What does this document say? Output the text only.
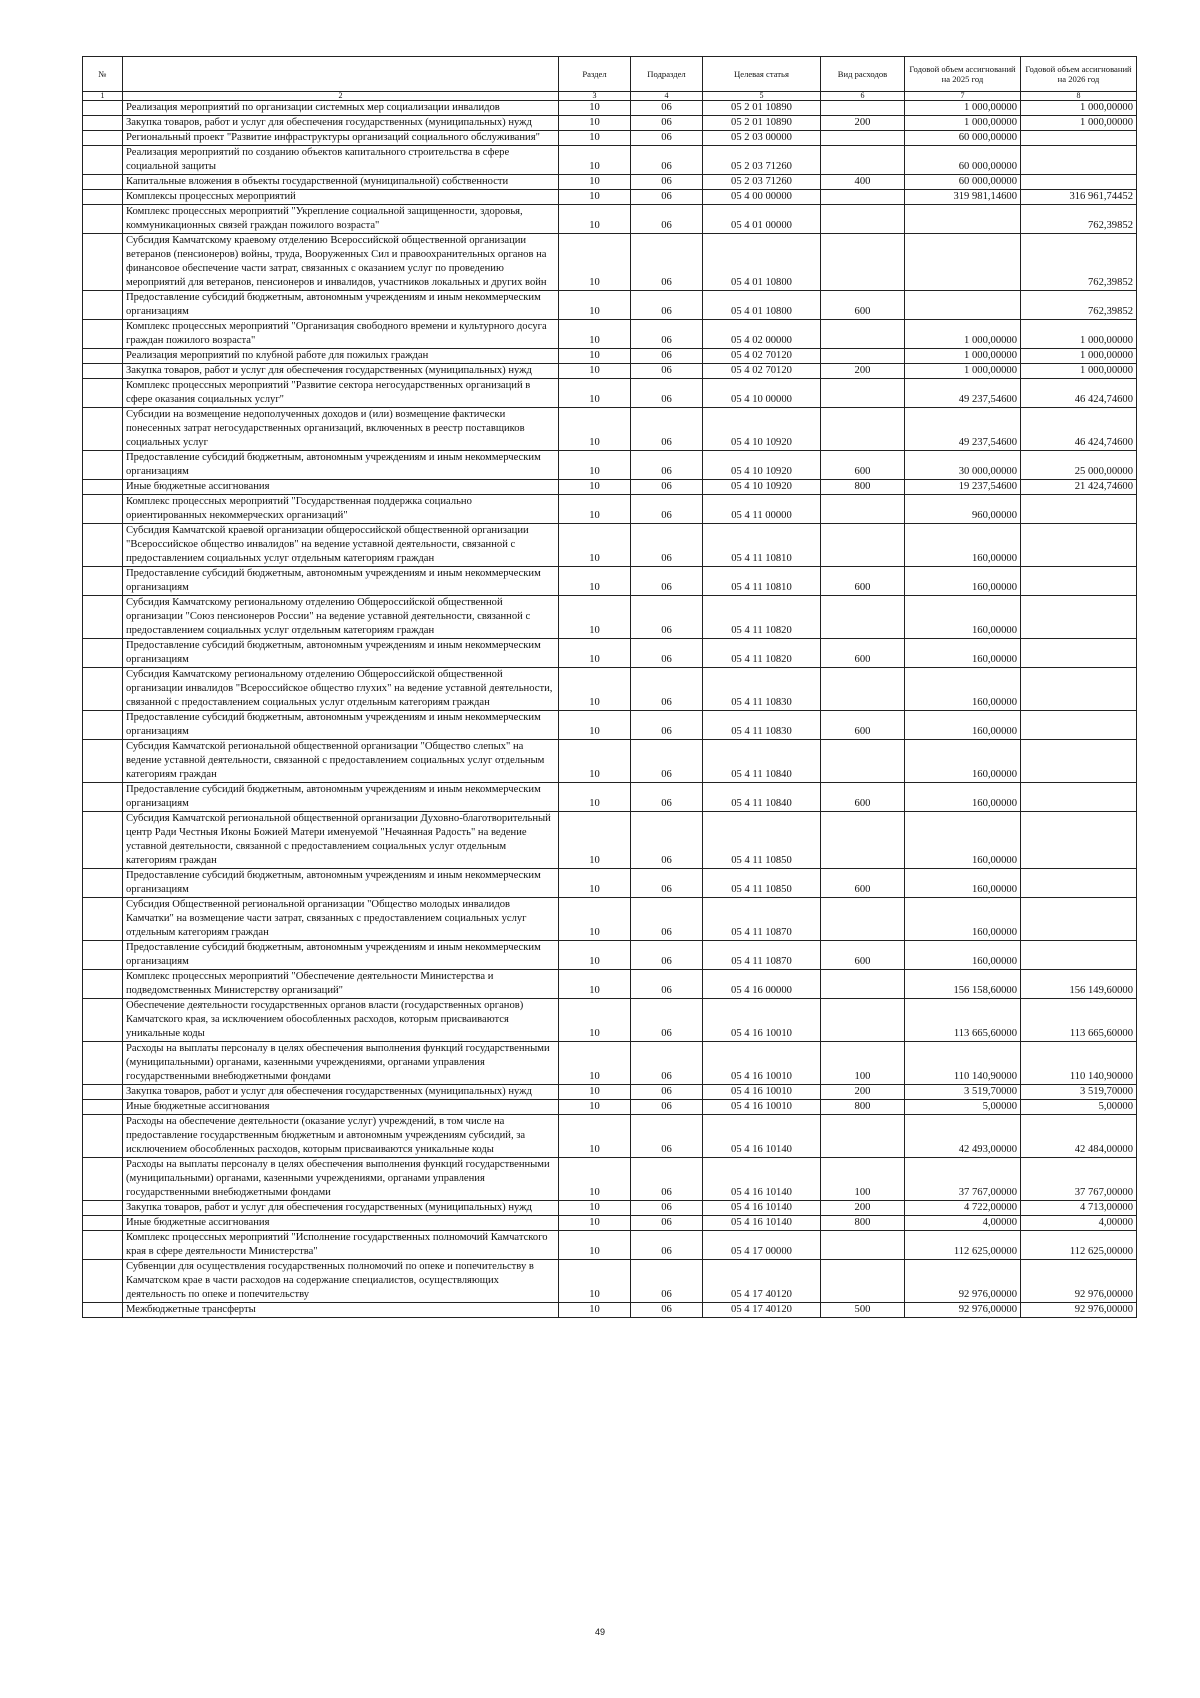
№		Раздел	Подраздел	Целевая статья	Вид расходов	Годовой объем ассигнований на 2025 год	Годовой объем ассигнований на 2026 год
1	2	3	4	5	6	7	8
	Реализация мероприятий по организации системных мер социализации инвалидов	10	06	05 2 01 10890		1 000,00000	1 000,00000
	Закупка товаров, работ и услуг для обеспечения государственных (муниципальных) нужд	10	06	05 2 01 10890	200	1 000,00000	1 000,00000
	Региональный проект "Развитие инфраструктуры организаций социального обслуживания"	10	06	05 2 03 00000		60 000,00000	
	Реализация мероприятий по созданию объектов капитального строительства в сфере социальной защиты	10	06	05 2 03 71260		60 000,00000	
	Капитальные вложения в объекты государственной (муниципальной) собственности	10	06	05 2 03 71260	400	60 000,00000	
	Комплексы процессных мероприятий	10	06	05 4 00 00000		319 981,14600	316 961,74452
	Комплекс процессных мероприятий "Укрепление социальной защищенности, здоровья, коммуникационных связей граждан пожилого возраста"	10	06	05 4 01 00000			762,39852
	Субсидия Камчатскому краевому отделению Всероссийской общественной организации ветеранов (пенсионеров) войны, труда, Вооруженных Сил и правоохранительных органов на финансовое обеспечение части затрат, связанных с оказанием услуг по проведению мероприятий для ветеранов, пенсионеров и инвалидов, участников локальных и других войн	10	06	05 4 01 10800			762,39852
	Предоставление субсидий бюджетным, автономным учреждениям и иным некоммерческим организациям	10	06	05 4 01 10800	600		762,39852
	Комплекс процессных мероприятий "Организация свободного времени и культурного досуга граждан пожилого возраста"	10	06	05 4 02 00000		1 000,00000	1 000,00000
	Реализация мероприятий по клубной работе для пожилых граждан	10	06	05 4 02 70120		1 000,00000	1 000,00000
	Закупка товаров, работ и услуг для обеспечения государственных (муниципальных) нужд	10	06	05 4 02 70120	200	1 000,00000	1 000,00000
	Комплекс процессных мероприятий "Развитие сектора негосударственных организаций в сфере оказания социальных услуг"	10	06	05 4 10 00000		49 237,54600	46 424,74600
	Субсидии на возмещение недополученных доходов и (или) возмещение фактически понесенных затрат негосударственных организаций, включенных в реестр поставщиков социальных услуг	10	06	05 4 10 10920		49 237,54600	46 424,74600
	Предоставление субсидий бюджетным, автономным учреждениям и иным некоммерческим организациям	10	06	05 4 10 10920	600	30 000,00000	25 000,00000
	Иные бюджетные ассигнования	10	06	05 4 10 10920	800	19 237,54600	21 424,74600
	Комплекс процессных мероприятий "Государственная поддержка социально ориентированных некоммерческих организаций"	10	06	05 4 11 00000		960,00000	
	Субсидия Камчатской краевой организации общероссийской общественной организации "Всероссийское общество инвалидов" на ведение уставной деятельности, связанной с предоставлением социальных услуг отдельным категориям граждан	10	06	05 4 11 10810		160,00000	
	Предоставление субсидий бюджетным, автономным учреждениям и иным некоммерческим организациям	10	06	05 4 11 10810	600	160,00000	
	Субсидия Камчатскому региональному отделению Общероссийской общественной организации "Союз пенсионеров России" на ведение уставной деятельности, связанной с предоставлением социальных услуг отдельным категориям граждан	10	06	05 4 11 10820		160,00000	
	Предоставление субсидий бюджетным, автономным учреждениям и иным некоммерческим организациям	10	06	05 4 11 10820	600	160,00000	
	Субсидия Камчатскому региональному отделению Общероссийской общественной организации инвалидов "Всероссийское общество глухих" на ведение уставной деятельности, связанной с предоставлением социальных услуг отдельным категориям граждан	10	06	05 4 11 10830		160,00000	
	Предоставление субсидий бюджетным, автономным учреждениям и иным некоммерческим организациям	10	06	05 4 11 10830	600	160,00000	
	Субсидия Камчатской региональной общественной организации "Общество слепых" на ведение уставной деятельности, связанной с предоставлением социальных услуг отдельным категориям граждан	10	06	05 4 11 10840		160,00000	
	Предоставление субсидий бюджетным, автономным учреждениям и иным некоммерческим организациям	10	06	05 4 11 10840	600	160,00000	
	Субсидия Камчатской региональной общественной организации Духовно-благотворительный центр Ради Честныя Иконы Божией Матери именуемой "Нечаянная Радость" на ведение уставной деятельности, связанной с предоставлением социальных услуг отдельным категориям граждан	10	06	05 4 11 10850		160,00000	
	Предоставление субсидий бюджетным, автономным учреждениям и иным некоммерческим организациям	10	06	05 4 11 10850	600	160,00000	
	Субсидия Общественной региональной организации "Общество молодых инвалидов Камчатки" на возмещение части затрат, связанных с предоставлением социальных услуг отдельным категориям граждан	10	06	05 4 11 10870		160,00000	
	Предоставление субсидий бюджетным, автономным учреждениям и иным некоммерческим организациям	10	06	05 4 11 10870	600	160,00000	
	Комплекс процессных мероприятий "Обеспечение деятельности Министерства и подведомственных Министерству организаций"	10	06	05 4 16 00000		156 158,60000	156 149,60000
	Обеспечение деятельности государственных органов власти (государственных органов) Камчатского края, за исключением обособленных расходов, которым присваиваются уникальные коды	10	06	05 4 16 10010		113 665,60000	113 665,60000
	Расходы на выплаты персоналу в целях обеспечения выполнения функций государственными (муниципальными) органами, казенными учреждениями, органами управления государственными внебюджетными фондами	10	06	05 4 16 10010	100	110 140,90000	110 140,90000
	Закупка товаров, работ и услуг для обеспечения государственных (муниципальных) нужд	10	06	05 4 16 10010	200	3 519,70000	3 519,70000
	Иные бюджетные ассигнования	10	06	05 4 16 10010	800	5,00000	5,00000
	Расходы на обеспечение деятельности (оказание услуг) учреждений, в том числе на предоставление государственным бюджетным и автономным учреждениям субсидий, за исключением обособленных расходов, которым присваиваются уникальные коды	10	06	05 4 16 10140		42 493,00000	42 484,00000
	Расходы на выплаты персоналу в целях обеспечения выполнения функций государственными (муниципальными) органами, казенными учреждениями, органами управления государственными внебюджетными фондами	10	06	05 4 16 10140	100	37 767,00000	37 767,00000
	Закупка товаров, работ и услуг для обеспечения государственных (муниципальных) нужд	10	06	05 4 16 10140	200	4 722,00000	4 713,00000
	Иные бюджетные ассигнования	10	06	05 4 16 10140	800	4,00000	4,00000
	Комплекс процессных мероприятий "Исполнение государственных полномочий Камчатского края в сфере деятельности Министерства"	10	06	05 4 17 00000		112 625,00000	112 625,00000
	Субвенции для осуществления государственных полномочий по опеке и попечительству в Камчатском крае в части расходов на содержание специалистов, осуществляющих деятельность по опеке и попечительству	10	06	05 4 17 40120		92 976,00000	92 976,00000
	Межбюджетные трансферты	10	06	05 4 17 40120	500	92 976,00000	92 976,00000
49
